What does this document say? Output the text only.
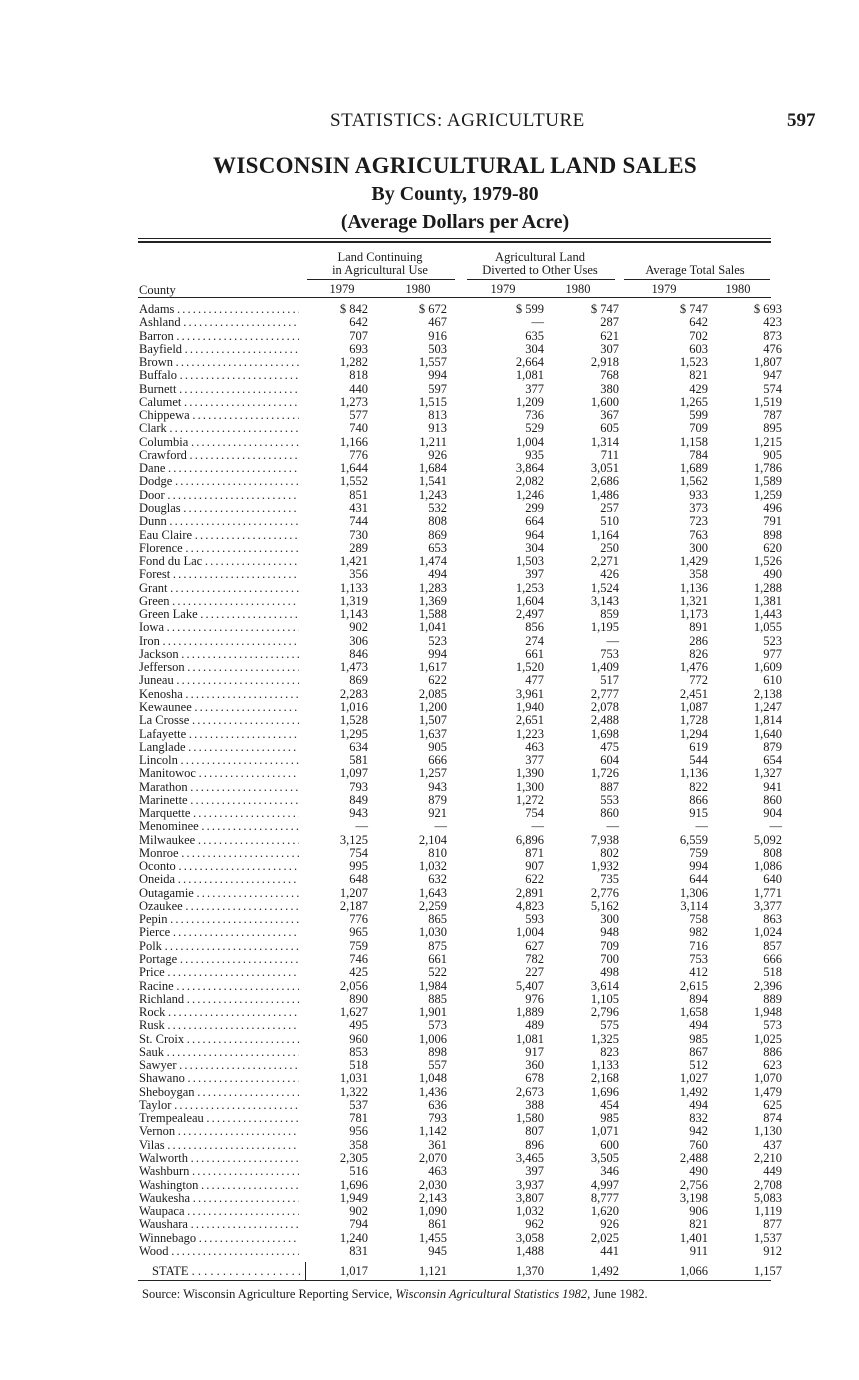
STATISTICS: AGRICULTURE	597
WISCONSIN AGRICULTURAL LAND SALES
By County, 1979-80
(Average Dollars per Acre)
Land Continuing
in Agricultural Use
Agricultural Land
Diverted to Other Uses
	Average Total Sales
County	1979	1980	1979	1980	1979	1980
Adams . . .	$ 842	$ 672	$ 599	$ 747	$ 747	$ 693
Ashland . . .	642	467	—	287	642	423
Barron . . .	707	916	635	621	702	873
Bayfield . . .	693	503	304	307	603	476
Brown . . .	1,282	1,557	2,664	2,918	1,523	1,807
Buffalo . . .	818	994	1,081	768	821	947
Burnett . . .	440	597	377	380	429	574
Calumet . . .	1,273	1,515	1,209	1,600	1,265	1,519
Chippewa . . .	577	813	736	367	599	787
Clark . . .	740	913	529	605	709	895
Columbia . . .	1,166	1,211	1,004	1,314	1,158	1,215
Crawford . . .	776	926	935	711	784	905
Dane . . .	1,644	1,684	3,864	3,051	1,689	1,786
Dodge . . .	1,552	1,541	2,082	2,686	1,562	1,589
Door . . .	851	1,243	1,246	1,486	933	1,259
Douglas . . .	431	532	299	257	373	496
Dunn . . .	744	808	664	510	723	791
Eau Claire . . .	730	869	964	1,164	763	898
Florence . . .	289	653	304	250	300	620
Fond du Lac . . .	1,421	1,474	1,503	2,271	1,429	1,526
Forest . . .	356	494	397	426	358	490
Grant . . .	1,133	1,283	1,253	1,524	1,136	1,288
Green . . .	1,319	1,369	1,604	3,143	1,321	1,381
Green Lake . . .	1,143	1,588	2,497	859	1,173	1,443
Iowa . . .	902	1,041	856	1,195	891	1,055
Iron . . .	306	523	274	—	286	523
Jackson . . .	846	994	661	753	826	977
Jefferson . . .	1,473	1,617	1,520	1,409	1,476	1,609
Juneau . . .	869	622	477	517	772	610
Kenosha . . .	2,283	2,085	3,961	2,777	2,451	2,138
Kewaunee . . .	1,016	1,200	1,940	2,078	1,087	1,247
La Crosse . . .	1,528	1,507	2,651	2,488	1,728	1,814
Lafayette . . .	1,295	1,637	1,223	1,698	1,294	1,640
Langlade . . .	634	905	463	475	619	879
Lincoln . . .	581	666	377	604	544	654
Manitowoc . . .	1,097	1,257	1,390	1,726	1,136	1,327
Marathon . . .	793	943	1,300	887	822	941
Marinette . . .	849	879	1,272	553	866	860
Marquette . . .	943	921	754	860	915	904
Menominee . . .	—	—	—	—	—	—
Milwaukee . . .	3,125	2,104	6,896	7,938	6,559	5,092
Monroe . . .	754	810	871	802	759	808
Oconto . . .	995	1,032	907	1,932	994	1,086
Oneida . . .	648	632	622	735	644	640
Outagamie . . .	1,207	1,643	2,891	2,776	1,306	1,771
Ozaukee . . .	2,187	2,259	4,823	5,162	3,114	3,377
Pepin . . .	776	865	593	300	758	863
Pierce . . .	965	1,030	1,004	948	982	1,024
Polk . . .	759	875	627	709	716	857
Portage . . .	746	661	782	700	753	666
Price . . .	425	522	227	498	412	518
Racine . . .	2,056	1,984	5,407	3,614	2,615	2,396
Richland . . .	890	885	976	1,105	894	889
Rock . . .	1,627	1,901	1,889	2,796	1,658	1,948
Rusk . . .	495	573	489	575	494	573
St. Croix . . .	960	1,006	1,081	1,325	985	1,025
Sauk . . .	853	898	917	823	867	886
Sawyer . . .	518	557	360	1,133	512	623
Shawano . . .	1,031	1,048	678	2,168	1,027	1,070
Sheboygan . . .	1,322	1,436	2,673	1,696	1,492	1,479
Taylor . . .	537	636	388	454	494	625
Trempealeau . . .	781	793	1,580	985	832	874
Vernon . . .	956	1,142	807	1,071	942	1,130
Vilas . . .	358	361	896	600	760	437
Walworth . . .	2,305	2,070	3,465	3,505	2,488	2,210
Washburn . . .	516	463	397	346	490	449
Washington . . .	1,696	2,030	3,937	4,997	2,756	2,708
Waukesha . . .	1,949	2,143	3,807	8,777	3,198	5,083
Waupaca . . .	902	1,090	1,032	1,620	906	1,119
Waushara . . .	794	861	962	926	821	877
Winnebago . . .	1,240	1,455	3,058	2,025	1,401	1,537
Wood . . .	831	945	1,488	441	911	912
STATE . . .	1,017	1,121	1,370	1,492	1,066	1,157
Source: Wisconsin Agriculture Reporting Service, Wisconsin Agricultural Statistics 1982, June 1982.
